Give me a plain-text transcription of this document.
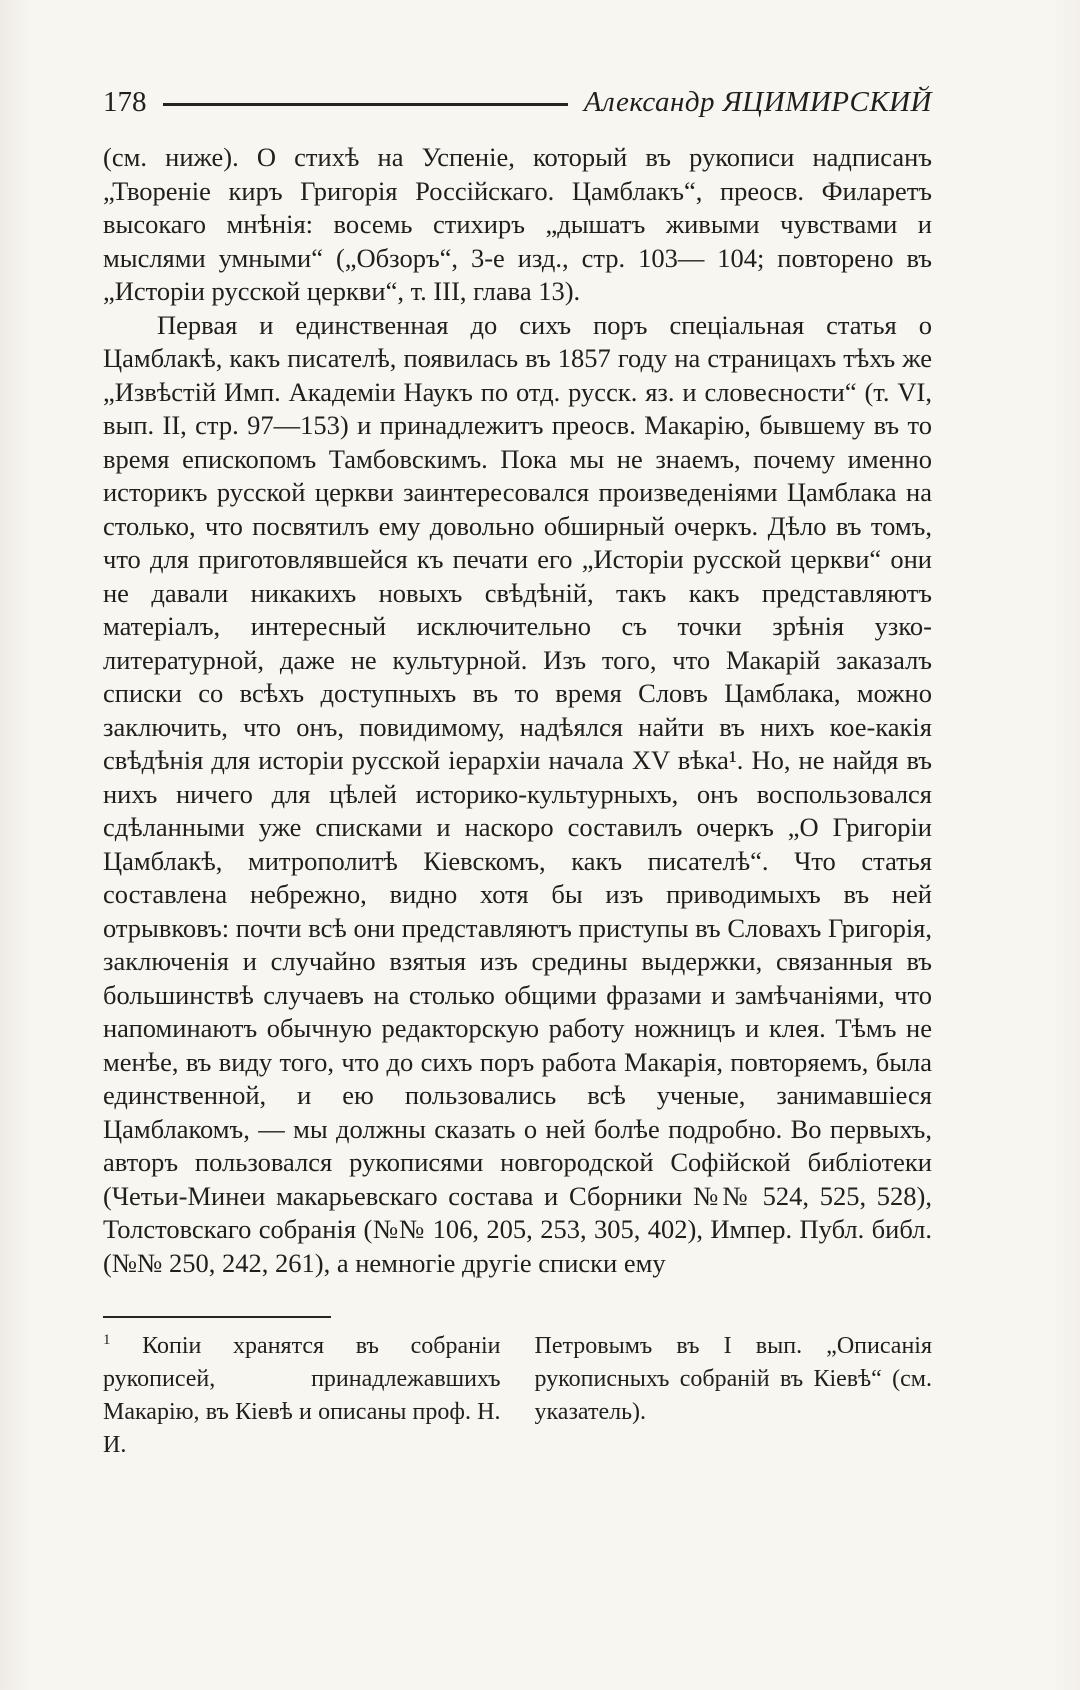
178	Александр ЯЦИМИРСКИЙ

(см. ниже). О стихѣ на Успеніе, который въ рукописи надписанъ „Твореніе киръ Григорія Россійскаго. Цамблакъ“, преосв. Филаретъ высокаго мнѣнія: восемь стихиръ „дышатъ живыми чувствами и мыслями умными“ („Обзоръ“, 3-е изд., стр. 103— 104; повторено въ „Исторіи русской церкви“, т. III, глава 13).

Первая и единственная до сихъ поръ спеціальная статья о Цамблакѣ, какъ писателѣ, появилась въ 1857 году на страницахъ тѣхъ же „Извѣстій Имп. Академіи Наукъ по отд. русск. яз. и словесности“ (т. VI, вып. II, стр. 97—153) и принадлежитъ преосв. Макарію, бывшему въ то время епископомъ Тамбовскимъ. Пока мы не знаемъ, почему именно историкъ русской церкви заинтересовался произведеніями Цамблака на столько, что посвятилъ ему довольно обширный очеркъ. Дѣло въ томъ, что для приготовлявшейся къ печати его „Исторіи русской церкви“ они не давали никакихъ новыхъ свѣдѣній, такъ какъ представляютъ матеріалъ, интересный исключительно съ точки зрѣнія узко-литературной, даже не культурной. Изъ того, что Макарій заказалъ списки со всѣхъ доступныхъ въ то время Словъ Цамблака, можно заключить, что онъ, повидимому, надѣялся найти въ нихъ кое-какія свѣдѣнія для исторіи русской іерархіи начала XV вѣка¹. Но, не найдя въ нихъ ничего для цѣлей историко-культурныхъ, онъ воспользовался сдѣланными уже списками и наскоро составилъ очеркъ „О Григоріи Цамблакѣ, митрополитѣ Кіевскомъ, какъ писателѣ“. Что статья составлена небрежно, видно хотя бы изъ приводимыхъ въ ней отрывковъ: почти всѣ они представляютъ приступы въ Словахъ Григорія, заключенія и случайно взятыя изъ средины выдержки, связанныя въ большинствѣ случаевъ на столько общими фразами и замѣчаніями, что напоминаютъ обычную редакторскую работу ножницъ и клея. Тѣмъ не менѣе, въ виду того, что до сихъ поръ работа Макарія, повторяемъ, была единственной, и ею пользовались всѣ ученые, занимавшіеся Цамблакомъ, — мы должны сказать о ней болѣе подробно. Во первыхъ, авторъ пользовался рукописями новгородской Софійской библіотеки (Четьи-Минеи макарьевскаго состава и Сборники №№ 524, 525, 528), Толстовскаго собранія (№№ 106, 205, 253, 305, 402), Импер. Публ. библ. (№№ 250, 242, 261), а немногіе другіе списки ему

$^1$ Копіи хранятся въ собраніи рукописей, принадлежавшихъ Макарію, въ Кіевѣ и описаны проф. Н. И.

Петровымъ въ I вып. „Описанія рукописныхъ собраній въ Кіевѣ“ (см. указатель).
